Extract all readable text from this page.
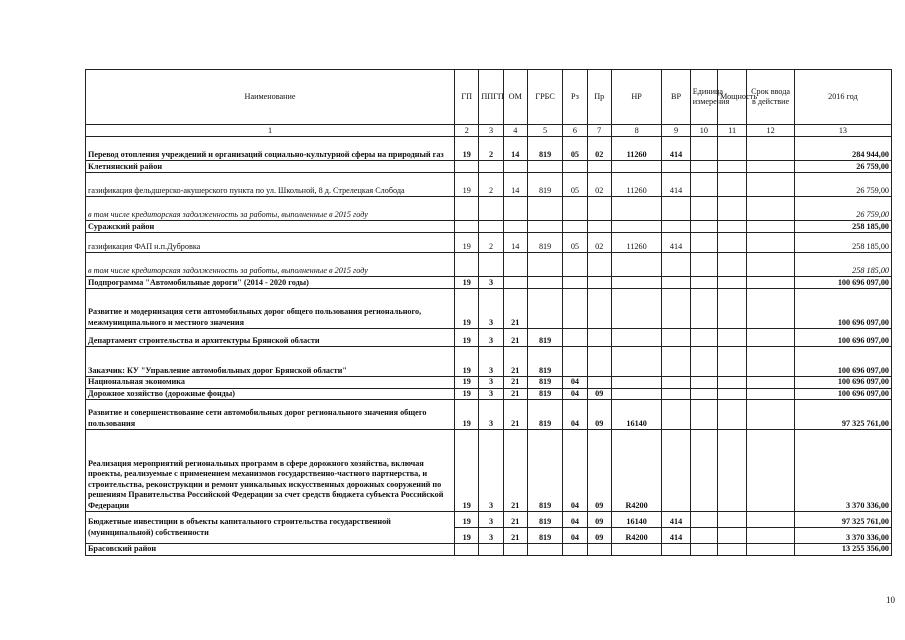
Наименование	ГП	ППГП	ОМ	ГРБС	Рз	Пр	НР	ВР	Единица измерения	Мощность	Срок ввода в действие	2016 год
1	2	3	4	5	6	7	8	9	10	11	12	13
Перевод отопления учреждений и организаций социально-культурной сферы на природный газ	19	2	14	819	05	02	11260	414				284 944,00
Клетнянский район												26 759,00
газификация фельдшерско-акушерского пункта по ул. Школьной, 8 д. Стрелецкая Слобода	19	2	14	819	05	02	11260	414				26 759,00
в том числе кредиторская задолженность за работы, выполненные в 2015 году												26 759,00
Суражский район												258 185,00
газификация ФАП н.п.Дубровка	19	2	14	819	05	02	11260	414				258 185,00
в том числе кредиторская задолженность за работы, выполненные в 2015 году												258 185,00
Подпрограмма "Автомобильные дороги" (2014 - 2020 годы)	19	3										100 696 097,00
Развитие и модернизация сети автомобильных дорог общего пользования регионального, межмуниципального и местного значения	19	3	21									100 696 097,00
Департамент строительства и архитектуры Брянской области	19	3	21	819								100 696 097,00
Заказчик: КУ "Управление автомобильных дорог Брянской области"	19	3	21	819								100 696 097,00
Национальная экономика	19	3	21	819	04							100 696 097,00
Дорожное хозяйство (дорожные фонды)	19	3	21	819	04	09						100 696 097,00
Развитие и совершенствование сети автомобильных дорог регионального значения общего пользования	19	3	21	819	04	09	16140					97 325 761,00
Реализация мероприятий региональных программ в сфере дорожного хозяйства, включая проекты, реализуемые с применением механизмов государственно-частного партнерства, и строительства, реконструкции и ремонт уникальных искусственных дорожных сооружений по решениям Правительства Российской Федерации за счет средств бюджета субъекта Российской Федерации	19	3	21	819	04	09	R4200					3 370 336,00
Бюджетные инвестиции в объекты капитального строительства государственной (муниципальной) собственности	19	3	21	819	04	09	16140	414				97 325 761,00
	19	3	21	819	04	09	R4200	414				3 370 336,00
Брасовский район												13 255 356,00
10
